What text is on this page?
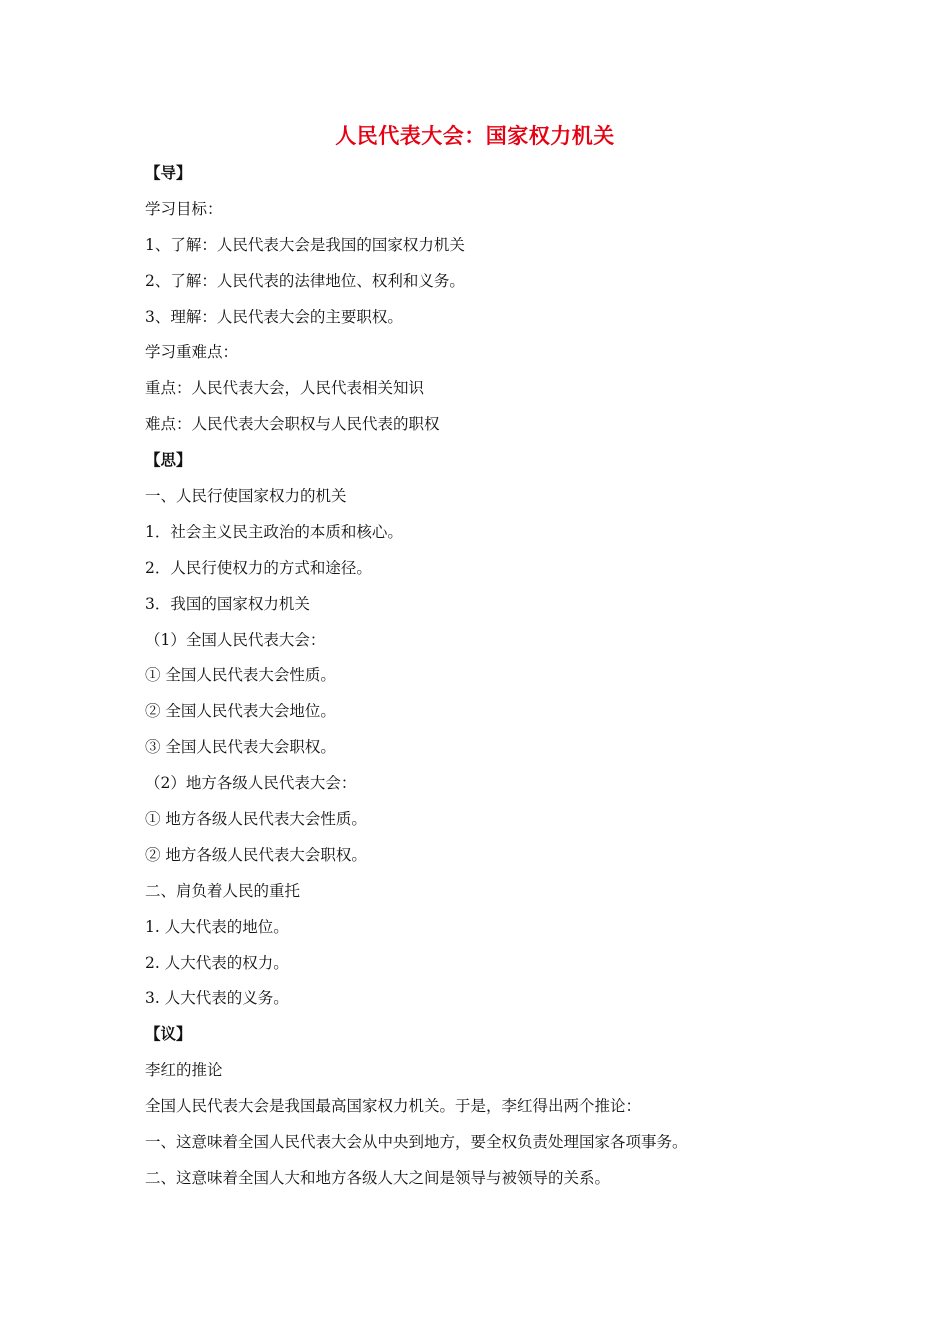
人民代表大会：国家权力机关
【导】
学习目标：
1、了解：人民代表大会是我国的国家权力机关
2、了解：人民代表的法律地位、权利和义务。
3、理解：人民代表大会的主要职权。
学习重难点：
重点：人民代表大会，人民代表相关知识
难点：人民代表大会职权与人民代表的职权
【思】
一、人民行使国家权力的机关
1．社会主义民主政治的本质和核心。
2．人民行使权力的方式和途径。
3．我国的国家权力机关
（1）全国人民代表大会：
① 全国人民代表大会性质。
② 全国人民代表大会地位。
③ 全国人民代表大会职权。
（2）地方各级人民代表大会：
① 地方各级人民代表大会性质。
② 地方各级人民代表大会职权。
二、肩负着人民的重托
1. 人大代表的地位。
2. 人大代表的权力。
3. 人大代表的义务。
【议】
李红的推论
全国人民代表大会是我国最高国家权力机关。于是，李红得出两个推论：
一、这意味着全国人民代表大会从中央到地方，要全权负责处理国家各项事务。
二、这意味着全国人大和地方各级人大之间是领导与被领导的关系。
